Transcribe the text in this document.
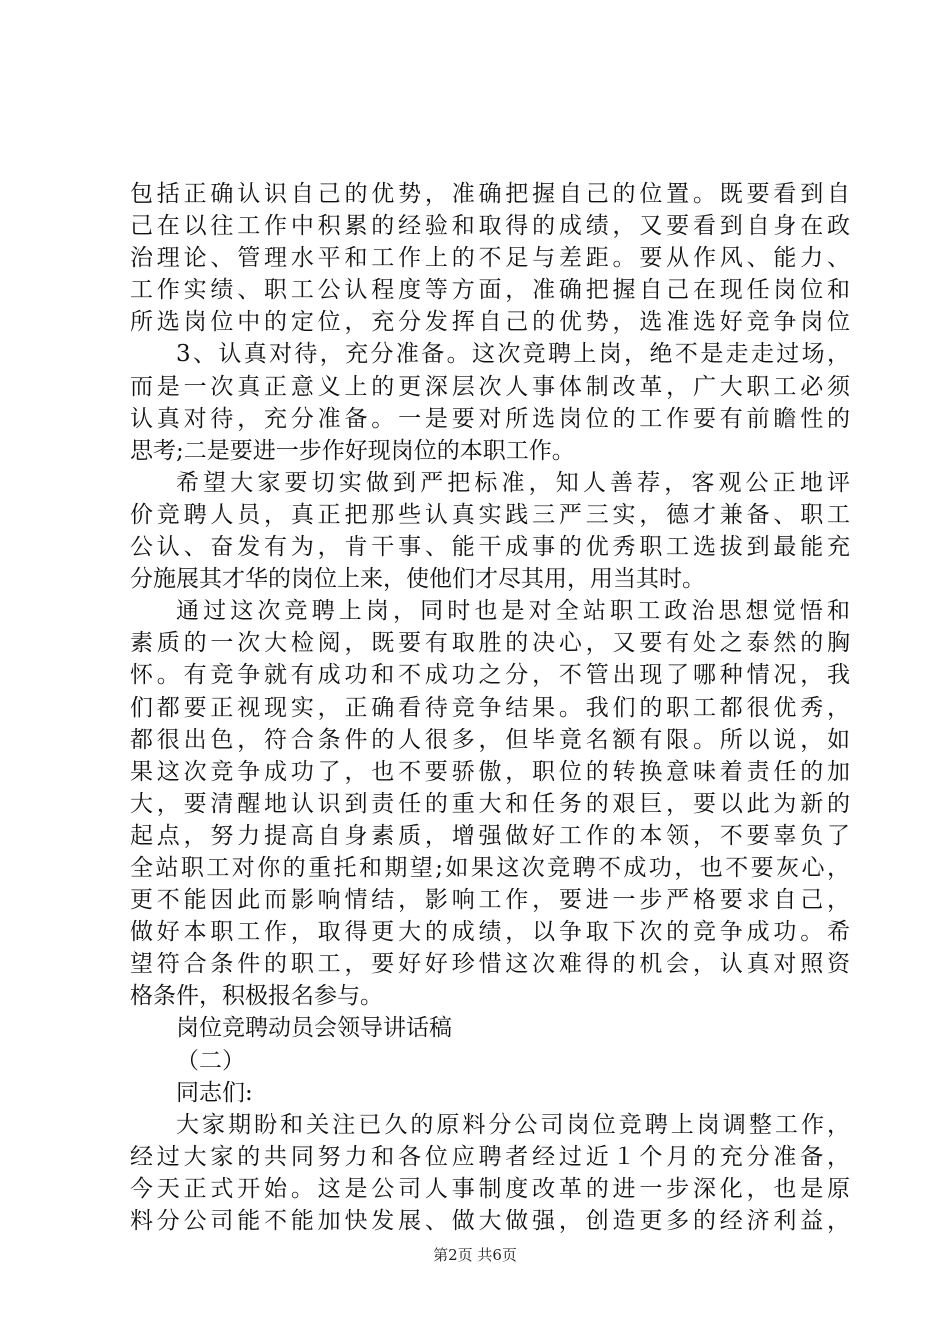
包括正确认识自己的优势，准确把握自己的位置。既要看到自
己在以往工作中积累的经验和取得的成绩，又要看到自身在政
治理论、管理水平和工作上的不足与差距。要从作风、能力、
工作实绩、职工公认程度等方面，准确把握自己在现任岗位和
所选岗位中的定位，充分发挥自己的优势，选准选好竞争岗位
3、认真对待，充分准备。这次竞聘上岗，绝不是走走过场，
而是一次真正意义上的更深层次人事体制改革，广大职工必须
认真对待，充分准备。一是要对所选岗位的工作要有前瞻性的
思考;二是要进一步作好现岗位的本职工作。
希望大家要切实做到严把标准，知人善荐，客观公正地评
价竞聘人员，真正把那些认真实践三严三实，德才兼备、职工
公认、奋发有为，肯干事、能干成事的优秀职工选拔到最能充
分施展其才华的岗位上来，使他们才尽其用，用当其时。
通过这次竞聘上岗，同时也是对全站职工政治思想觉悟和
素质的一次大检阅，既要有取胜的决心，又要有处之泰然的胸
怀。有竞争就有成功和不成功之分，不管出现了哪种情况，我
们都要正视现实，正确看待竞争结果。我们的职工都很优秀，
都很出色，符合条件的人很多，但毕竟名额有限。所以说，如
果这次竞争成功了，也不要骄傲，职位的转换意味着责任的加
大，要清醒地认识到责任的重大和任务的艰巨，要以此为新的
起点，努力提高自身素质，增强做好工作的本领，不要辜负了
全站职工对你的重托和期望;如果这次竞聘不成功，也不要灰心，
更不能因此而影响情结，影响工作，要进一步严格要求自己，
做好本职工作，取得更大的成绩，以争取下次的竞争成功。希
望符合条件的职工，要好好珍惜这次难得的机会，认真对照资
格条件，积极报名参与。
岗位竞聘动员会领导讲话稿
（二）
同志们:
大家期盼和关注已久的原料分公司岗位竞聘上岗调整工作，
经过大家的共同努力和各位应聘者经过近１个月的充分准备，
今天正式开始。这是公司人事制度改革的进一步深化，也是原
料分公司能不能加快发展、做大做强，创造更多的经济利益，
第2页 共6页
